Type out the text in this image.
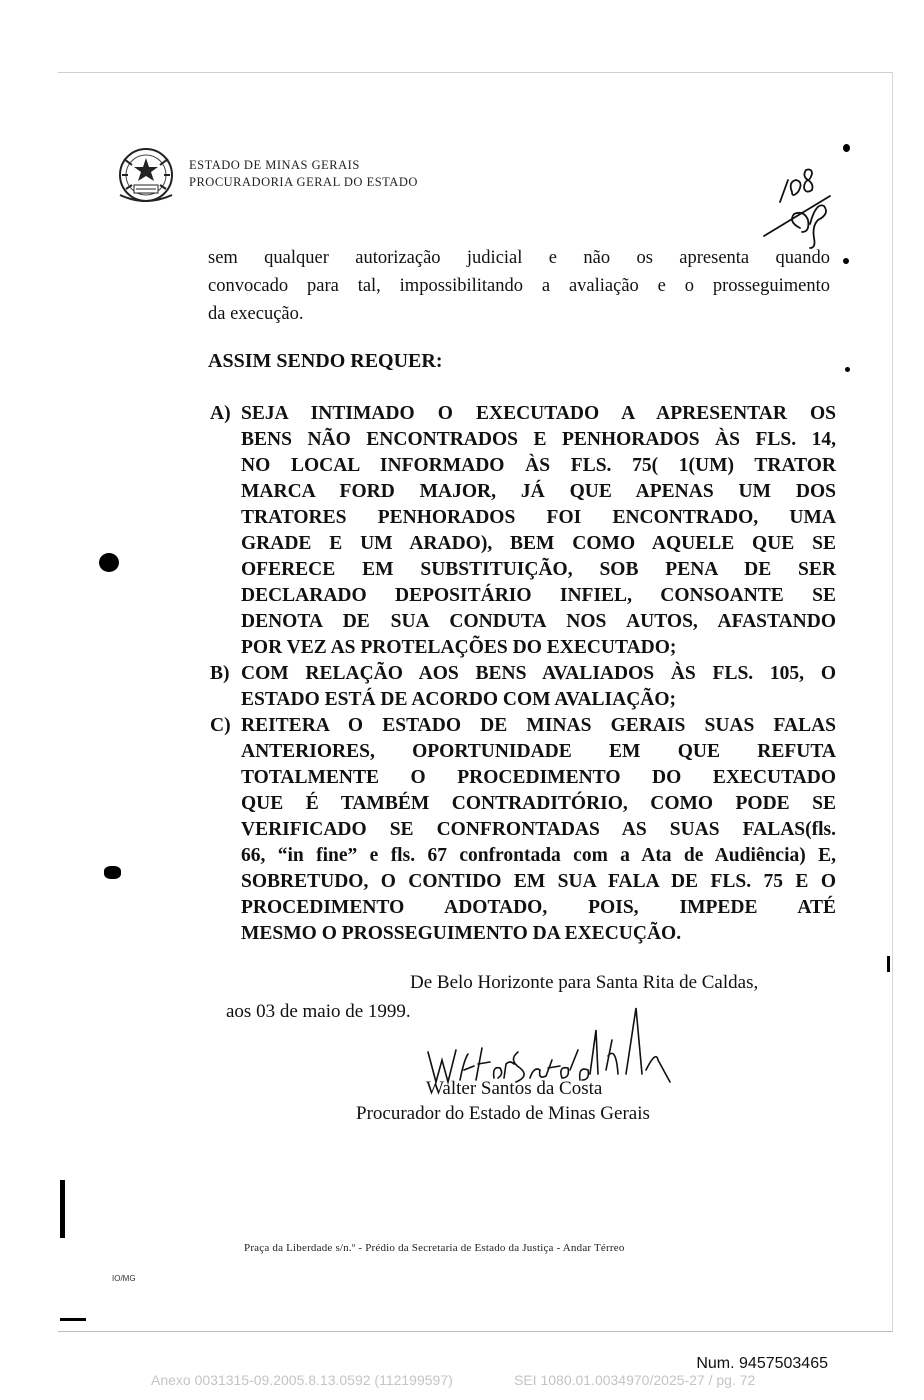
ESTADO DE MINAS GERAIS
PROCURADORIA GERAL DO ESTADO
sem qualquer autorização judicial e não os apresenta quando
convocado para tal, impossibilitando a avaliação e o prosseguimento
da execução.
ASSIM SENDO REQUER:
A) SEJA INTIMADO O EXECUTADO A APRESENTAR OS
BENS NÃO ENCONTRADOS E PENHORADOS ÀS FLS. 14,
NO LOCAL INFORMADO ÀS FLS. 75( 1(UM) TRATOR
MARCA FORD MAJOR, JÁ QUE APENAS UM DOS
TRATORES PENHORADOS FOI ENCONTRADO, UMA
GRADE E UM ARADO), BEM COMO AQUELE QUE SE
OFERECE EM SUBSTITUIÇÃO, SOB PENA DE SER
DECLARADO DEPOSITÁRIO INFIEL, CONSOANTE SE
DENOTA DE SUA CONDUTA NOS AUTOS, AFASTANDO
POR VEZ AS PROTELAÇÕES DO EXECUTADO;
B) COM RELAÇÃO AOS BENS AVALIADOS ÀS FLS. 105, O
ESTADO ESTÁ DE ACORDO COM AVALIAÇÃO;
C) REITERA O ESTADO DE MINAS GERAIS SUAS FALAS
ANTERIORES, OPORTUNIDADE EM QUE REFUTA
TOTALMENTE O PROCEDIMENTO DO EXECUTADO
QUE É TAMBÉM CONTRADITÓRIO, COMO PODE SE
VERIFICADO SE CONFRONTADAS AS SUAS FALAS(fls.
66, “in fine” e fls. 67 confrontada com a Ata de Audiência) E,
SOBRETUDO, O CONTIDO EM SUA FALA DE FLS. 75 E O
PROCEDIMENTO ADOTADO, POIS, IMPEDE ATÉ
MESMO O PROSSEGUIMENTO DA EXECUÇÃO.
De Belo Horizonte para Santa Rita de Caldas,
aos 03 de maio de 1999.
Walter Santos da Costa
Procurador do Estado de Minas Gerais
Praça da Liberdade s/n.º - Prédio da Secretaria de Estado da Justiça - Andar Térreo
IO/MG
Num. 9457503465
Anexo 0031315-09.2005.8.13.0592 (112199597)	SEI 1080.01.0034970/2025-27 / pg. 72
